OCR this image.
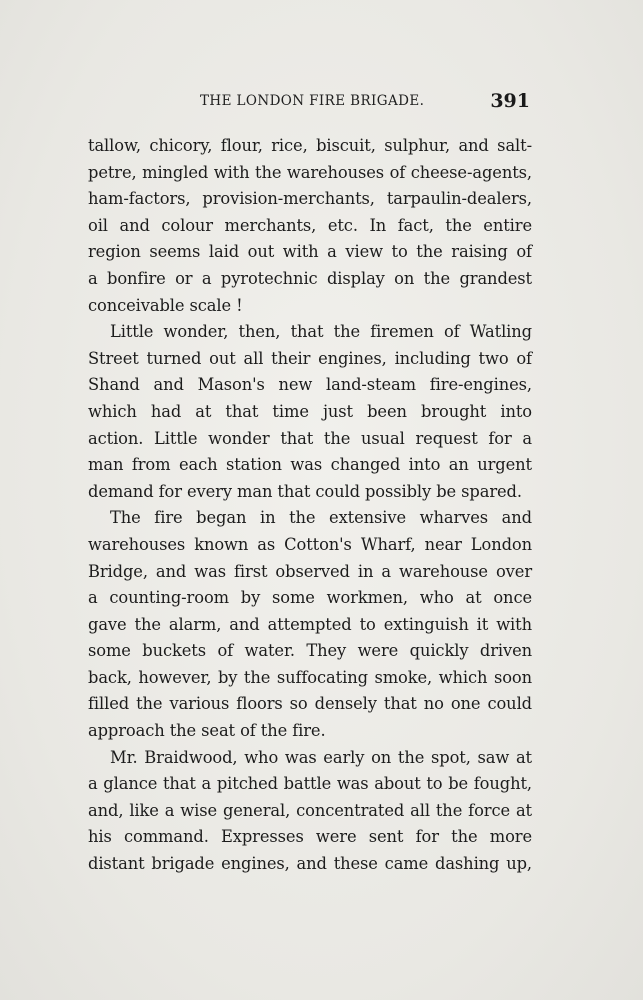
THE LONDON FIRE BRIGADE.	391
tallow, chicory, flour, rice, biscuit, sulphur, and salt-
petre, mingled with the warehouses of cheese-agents,
ham-factors, provision-merchants, tarpaulin-dealers,
oil and colour merchants, etc. In fact, the entire
region seems laid out with a view to the raising of
a bonfire or a pyrotechnic display on the grandest
conceivable scale !
Little wonder, then, that the firemen of Watling
Street turned out all their engines, including two of
Shand and Mason's new land-steam fire-engines,
which had at that time just been brought into
action. Little wonder that the usual request for a
man from each station was changed into an urgent
demand for every man that could possibly be spared.
The fire began in the extensive wharves and
warehouses known as Cotton's Wharf, near London
Bridge, and was first observed in a warehouse over
a counting-room by some workmen, who at once
gave the alarm, and attempted to extinguish it with
some buckets of water. They were quickly driven
back, however, by the suffocating smoke, which soon
filled the various floors so densely that no one could
approach the seat of the fire.
Mr. Braidwood, who was early on the spot, saw at
a glance that a pitched battle was about to be fought,
and, like a wise general, concentrated all the force at
his command. Expresses were sent for the more
distant brigade engines, and these came dashing up,
